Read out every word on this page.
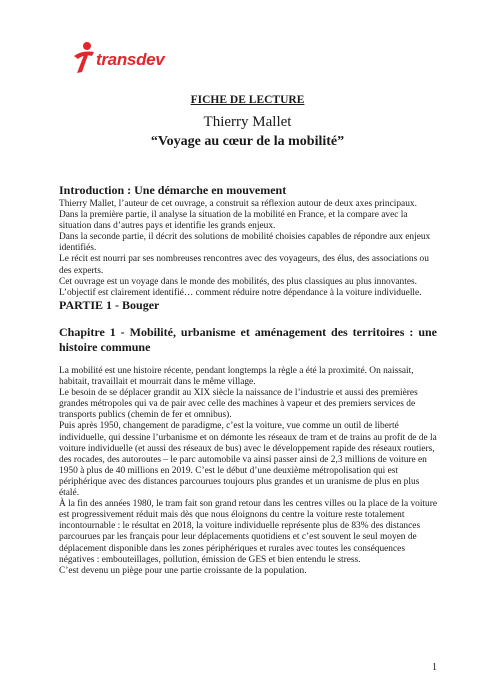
transdev
FICHE DE LECTURE
Thierry Mallet
“Voyage au cœur de la mobilité”
Introduction : Une démarche en mouvement

Thierry Mallet, l’auteur de cet ouvrage, a construit sa réflexion autour de deux axes principaux.

Dans la première partie, il analyse la situation de la mobilité en France, et la compare avec la situation dans d’autres pays et identifie les grands enjeux.

Dans la seconde partie, il décrit des solutions de mobilité choisies capables de répondre aux enjeux identifiés.

Le récit est nourri par ses nombreuses rencontres avec des voyageurs, des élus, des associations ou des experts.

Cet ouvrage est un voyage dans le monde des mobilités, des plus classiques au plus innovantes.

L’objectif est clairement identifié… comment réduire notre dépendance à la voiture individuelle.

PARTIE 1 - Bouger
Chapitre 1 - Mobilité, urbanisme et aménagement des territoires : une histoire commune

La mobilité est une histoire récente, pendant longtemps la règle a été la proximité. On naissait, habitait, travaillait et mourrait dans le même village.

Le besoin de se déplacer grandit au XIX siècle la naissance de l’industrie et aussi des premières grandes métropoles qui va de pair avec celle des machines à vapeur et des premiers services de transports publics (chemin de fer et omnibus).

Puis après 1950, changement de paradigme, c’est la voiture, vue comme un outil de liberté individuelle, qui dessine l’urbanisme et on démonte les réseaux de tram et de trains au profit de de la voiture individuelle (et aussi des réseaux de bus) avec le développement rapide des réseaux routiers, des rocades, des autoroutes – le parc automobile va ainsi passer ainsi de 2,3 millions de voiture en 1950 à plus de 40 millions en 2019. C’est le début d’une deuxième métropolisation qui est périphérique avec des distances parcourues toujours plus grandes et un uranisme de plus en plus étalé.

À la fin des années 1980, le tram fait son grand retour dans les centres villes ou la place de la voiture est progressivement réduit mais dès que nous éloignons du centre la voiture reste totalement incontournable : le résultat en 2018, la voiture individuelle représente plus de 83% des distances parcourues par les français pour leur déplacements quotidiens et c’est souvent le seul moyen de déplacement disponible dans les zones périphériques et rurales avec toutes les conséquences négatives : embouteillages, pollution, émission de GES et bien entendu le stress.

C’est devenu un piège pour une partie croissante de la population.

1
